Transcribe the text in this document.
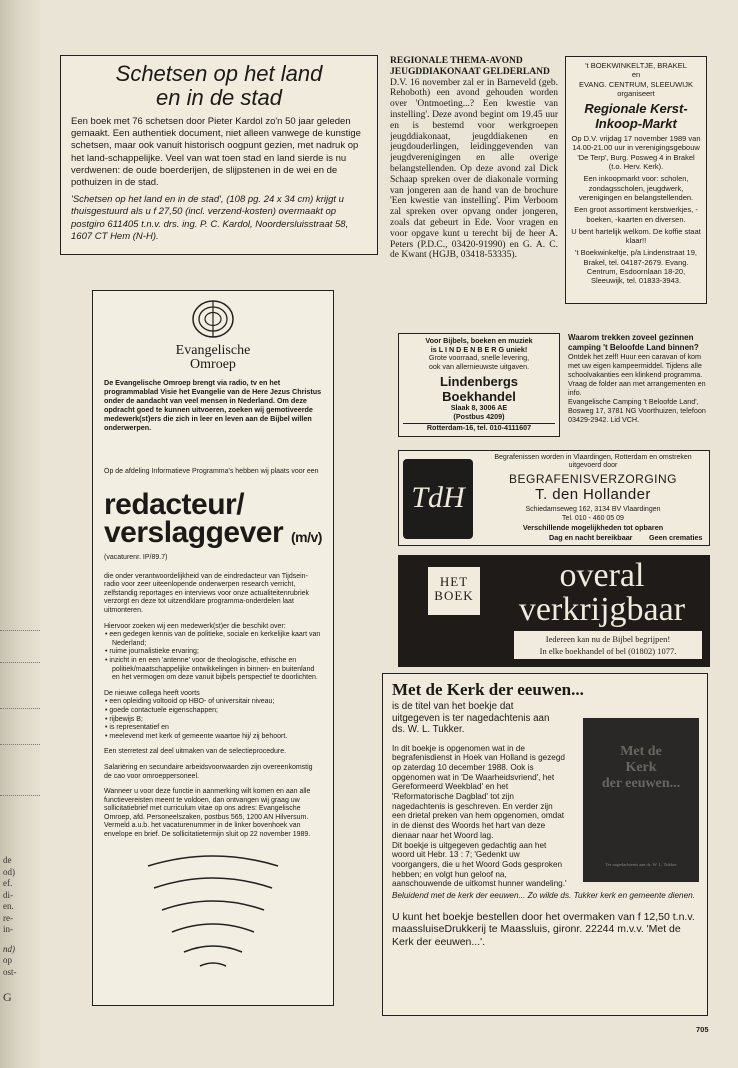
de
od)
ef.
di-
en.
re-
in-
nd)
op
ost-
G
Schetsen op het land
en in de stad

Een boek met 76 schetsen door Pieter Kardol zo'n 50 jaar geleden gemaakt. Een authentiek document, niet alleen vanwege de kunstige schetsen, maar ook vanuit historisch oogpunt gezien, met nadruk op het land-schappelijke. Veel van wat toen stad en land sierde is nu verdwenen: de oude boerderijen, de slijpstenen in de wei en de pothuizen in de stad.

'Schetsen op het land en in de stad', (108 pg. 24 x 34 cm) krijgt u thuisgestuurd als u f 27,50 (incl. verzend-kosten) overmaakt op postgiro 611405 t.n.v. drs. ing. P. C. Kardol, Noordersluisstraat 58, 1607 CT Hem (N-H).

REGIONALE THEMA-AVOND JEUGDDIAKONAAT GELDERLAND

D.V. 16 november zal er in Barneveld (geb. Rehoboth) een avond gehouden worden over 'Ontmoeting...? Een kwestie van instelling'. Deze avond begint om 19.45 uur en is bestemd voor werkgroepen jeugddiakonaat, jeugddiakenen en jeugdouderlingen, leidinggevenden van jeugdverenigingen en alle overige belangstellenden. Op deze avond zal Dick Schaap spreken over de diakonale vorming van jongeren aan de hand van de brochure 'Een kwestie van instelling'. Pim Verboom zal spreken over opvang onder jongeren, zoals dat gebeurt in Ede. Voor vragen en voor opgave kunt u terecht bij de heer A. Peters (P.D.C., 03420-91990) en G. A. C. de Kwant (HGJB, 03418-53335).

't BOEKWINKELTJE, BRAKEL
en
EVANG. CENTRUM, SLEEUWIJK
organiseert
Regionale Kerst-
Inkoop-Markt

Op D.V. vrijdag 17 november 1989 van 14.00-21.00 uur in verenigingsgebouw 'De Terp', Burg. Posweg 4 in Brakel (t.o. Herv. Kerk).

Een inkoopmarkt voor: scholen, zondagsscholen, jeugdwerk, verenigingen en belangstellenden.

Een groot assortiment kerstwerkjes, -boeken, -kaarten en diversen.

U bent hartelijk welkom. De koffie staat klaar!!

't Boekwinkeltje, p/a Lindenstraat 19, Brakel, tel. 04187-2679. Evang. Centrum, Esdoornlaan 18-20, Sleeuwijk, tel. 01833-3943.

Evangelische
Omroep

De Evangelische Omroep brengt via radio, tv en het programmablad Visie het Evangelie van de Here Jezus Christus onder de aandacht van veel mensen in Nederland. Om deze opdracht goed te kunnen uitvoeren, zoeken wij gemotiveerde medewerk(st)ers die zich in leer en leven aan de Bijbel willen onderwerpen.

Op de afdeling Informatieve Programma's hebben wij plaats voor een

redacteur/
verslaggever (m/v)

(vacaturenr. IP/89.7)

die onder verantwoordelijkheid van de eindredacteur van Tijdsein-radio voor zeer uiteenlopende onderwerpen research verricht, zelfstandig reportages en interviews voor onze actualiteitenrubriek verzorgt en deze tot uitzendklare programma-onderdelen laat uitmonteren.

Hiervoor zoeken wij een medewerk(st)er die beschikt over:

• een gedegen kennis van de politieke, sociale en kerkelijke kaart van Nederland;
• ruime journalistieke ervaring;
• inzicht in en een 'antenne' voor de theologische, ethische en politiek/maatschappelijke ontwikkelingen in binnen- en buitenland en het vermogen om deze vanuit bijbels perspectief te doorlichten.

De nieuwe collega heeft voorts

• een opleiding voltooid op HBO- of universitair niveau;
• goede contactuele eigenschappen;
• rijbewijs B;
• is representatief en
• meelevend met kerk of gemeente waartoe hij/ zij behoort.

Een sterretest zal deel uitmaken van de selectieprocedure.

Salariëring en secundaire arbeidsvoorwaarden zijn overeenkomstig de cao voor omroeppersoneel.

Wanneer u voor deze functie in aanmerking wilt komen en aan alle functievereisten meent te voldoen, dan ontvangen wij graag uw sollicitatiebrief met curriculum vitae op ons adres: Evangelische Omroep, afd. Personeelszaken, postbus 565, 1200 AN Hilversum. Vermeld a.u.b. het vacaturenummer in de linker bovenhoek van envelope en brief. De sollicitatietermijn sluit op 22 november 1989.

Voor Bijbels, boeken en muziek
is L I N D E N B E R G uniek!
Grote voorraad, snelle levering,
ook van allernieuwste uitgaven.
Lindenbergs
Boekhandel
Slaak 8, 3006 AE
(Postbus 4209)
Rotterdam-16, tel. 010-4111607
Waarom trekken zoveel gezinnen camping 't Beloofde Land binnen?

Ontdek het zelf! Huur een caravan of kom met uw eigen kampeermiddel. Tijdens alle schoolvakanties een klinkend programma. Vraag de folder aan met arrangementen en info.

Evangelische Camping 't Beloofde Land', Bosweg 17, 3781 NG Voorthuizen, telefoon 03429-2942. Lid VCH.

TdH
Begrafenissen worden in Vlaardingen, Rotterdam en omstreken uitgevoerd door
BEGRAFENISVERZORGING
T. den Hollander
Schiedamseweg 162, 3134 BV Vlaardingen
Tel. 010 - 460 05 09
Verschillende mogelijkheden tot opbaren
Dag en nacht bereikbaar Geen crematies
HET
BOEK
overal
verkrijgbaar
Iedereen kan nu de Bijbel begrijpen!
In elke boekhandel of bel (01802) 1077.
Met de Kerk der eeuwen...

is de titel van het boekje dat uitgegeven is ter nagedachtenis aan ds. W. L. Tukker.

In dit boekje is opgenomen wat in de begrafenisdienst in Hoek van Holland is gezegd op zaterdag 10 december 1988. Ook is opgenomen wat in 'De Waarheidsvriend', het Gereformeerd Weekblad' en het 'Reformatorische Dagblad' tot zijn nagedachtenis is geschreven. En verder zijn een drietal preken van hem opgenomen, omdat in de dienst des Woords het hart van deze dienaar naar het Woord lag.

Dit boekje is uitgegeven gedachtig aan het woord uit Hebr. 13 : 7; 'Gedenkt uw voorgangers, die u het Woord Gods gesproken hebben; en volgt hun geloof na, aanschouwende de uitkomst hunner wandeling.'

Beluidend met de kerk der eeuwen... Zo wilde ds. Tukker kerk en gemeente dienen.

U kunt het boekje bestellen door het overmaken van f 12,50 t.n.v. maassluiseDrukkerij te Maassluis, gironr. 22244 m.v.v. 'Met de Kerk der eeuwen...'.

Met de
Kerk
der eeuwen...
Ter nagedachtenis aan ds. W. L. Tukker
705
